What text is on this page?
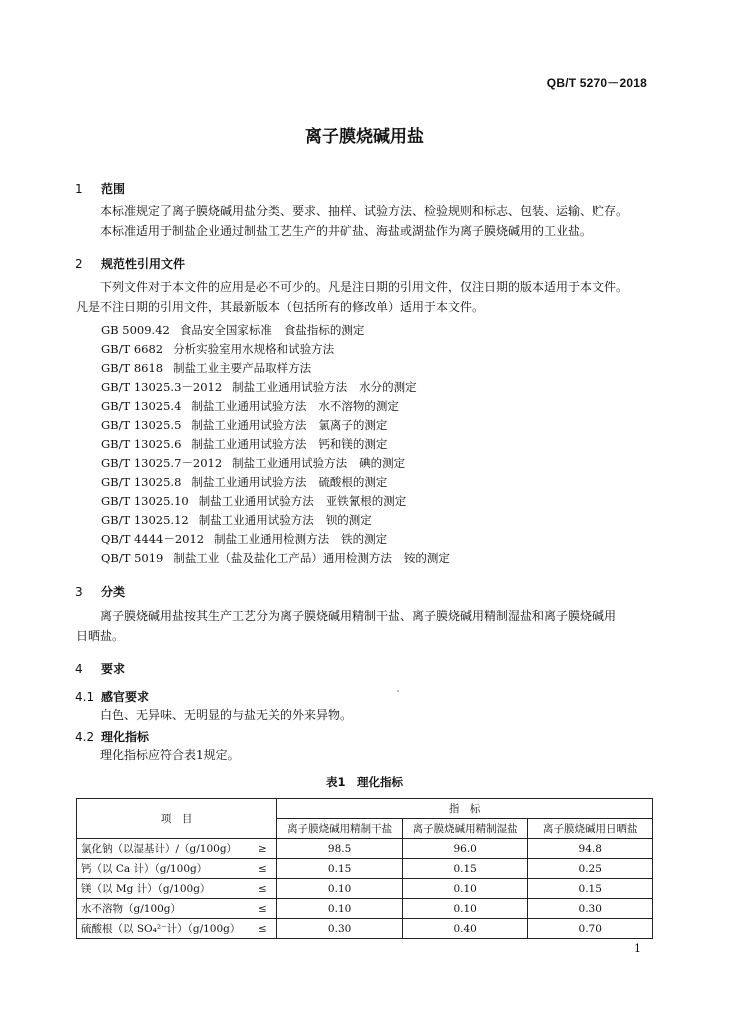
QB/T 5270－2018
离子膜烧碱用盐
1 范围
本标准规定了离子膜烧碱用盐分类、要求、抽样、试验方法、检验规则和标志、包装、运输、贮存。
本标准适用于制盐企业通过制盐工艺生产的井矿盐、海盐或湖盐作为离子膜烧碱用的工业盐。
2 规范性引用文件
下列文件对于本文件的应用是必不可少的。凡是注日期的引用文件，仅注日期的版本适用于本文件。
凡是不注日期的引用文件，其最新版本（包括所有的修改单）适用于本文件。
GB 5009.42 食品安全国家标准 食盐指标的测定
GB/T 6682 分析实验室用水规格和试验方法
GB/T 8618 制盐工业主要产品取样方法
GB/T 13025.3－2012 制盐工业通用试验方法 水分的测定
GB/T 13025.4 制盐工业通用试验方法 水不溶物的测定
GB/T 13025.5 制盐工业通用试验方法 氯离子的测定
GB/T 13025.6 制盐工业通用试验方法 钙和镁的测定
GB/T 13025.7－2012 制盐工业通用试验方法 碘的测定
GB/T 13025.8 制盐工业通用试验方法 硫酸根的测定
GB/T 13025.10 制盐工业通用试验方法 亚铁氰根的测定
GB/T 13025.12 制盐工业通用试验方法 钡的测定
QB/T 4444－2012 制盐工业通用检测方法 铁的测定
QB/T 5019 制盐工业（盐及盐化工产品）通用检测方法 铵的测定
3 分类
离子膜烧碱用盐按其生产工艺分为离子膜烧碱用精制干盐、离子膜烧碱用精制湿盐和离子膜烧碱用
日晒盐。
4 要求
4.1 感官要求
白色、无异味、无明显的与盐无关的外来异物。
4.2 理化指标
理化指标应符合表1规定。
表1　理化指标
项　目		指　标		
		离子膜烧碱用精制干盐	离子膜烧碱用精制湿盐	离子膜烧碱用日晒盐
氯化钠（以湿基计）/（g/100g）	≥	98.5	96.0	94.8
钙（以 Ca 计）（g/100g）	≤	0.15	0.15	0.25
镁（以 Mg 计）（g/100g）	≤	0.10	0.10	0.15
水不溶物（g/100g）	≤	0.10	0.10	0.30
硫酸根（以 SO₄²⁻计）（g/100g）	≤	0.30	0.40	0.70
1
